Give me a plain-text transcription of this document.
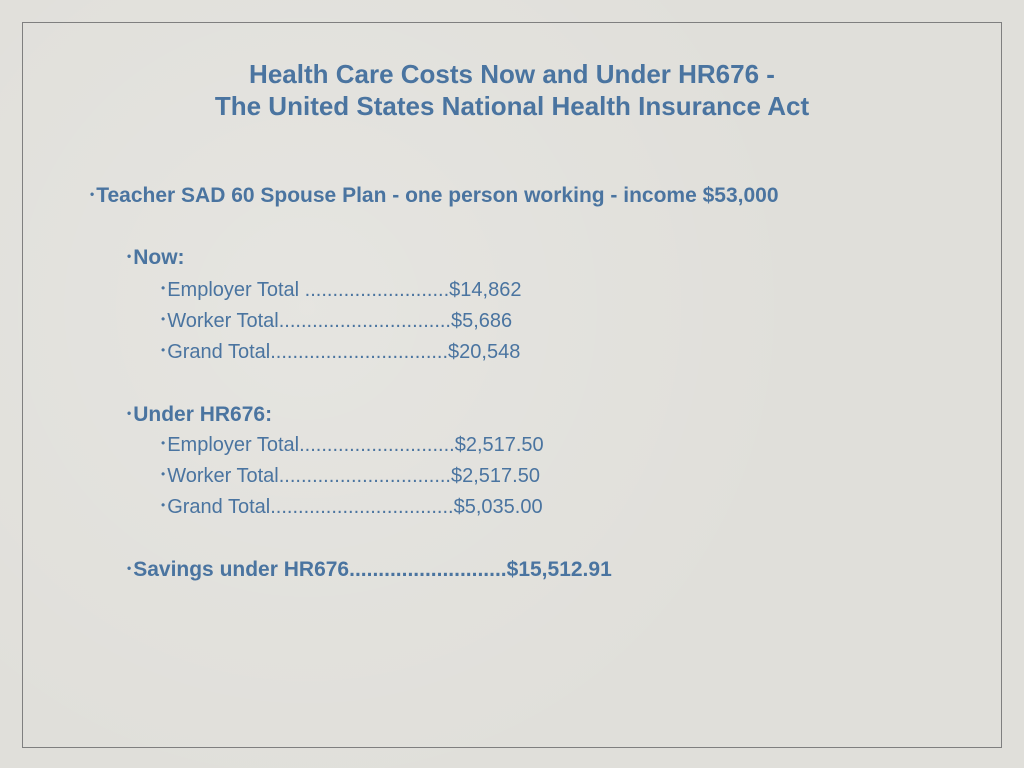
Health Care Costs Now and Under HR676 -
The United States National Health Insurance Act
•Teacher SAD 60 Spouse Plan - one person working - income $53,000
•Now:
• Employer Total ..........................$14,862
• Worker Total...............................$5,686
• Grand Total................................$20,548
•Under HR676:
• Employer Total............................$2,517.50
• Worker Total...............................$2,517.50
• Grand Total.................................$5,035.00
•Savings under HR676...........................$15,512.91
